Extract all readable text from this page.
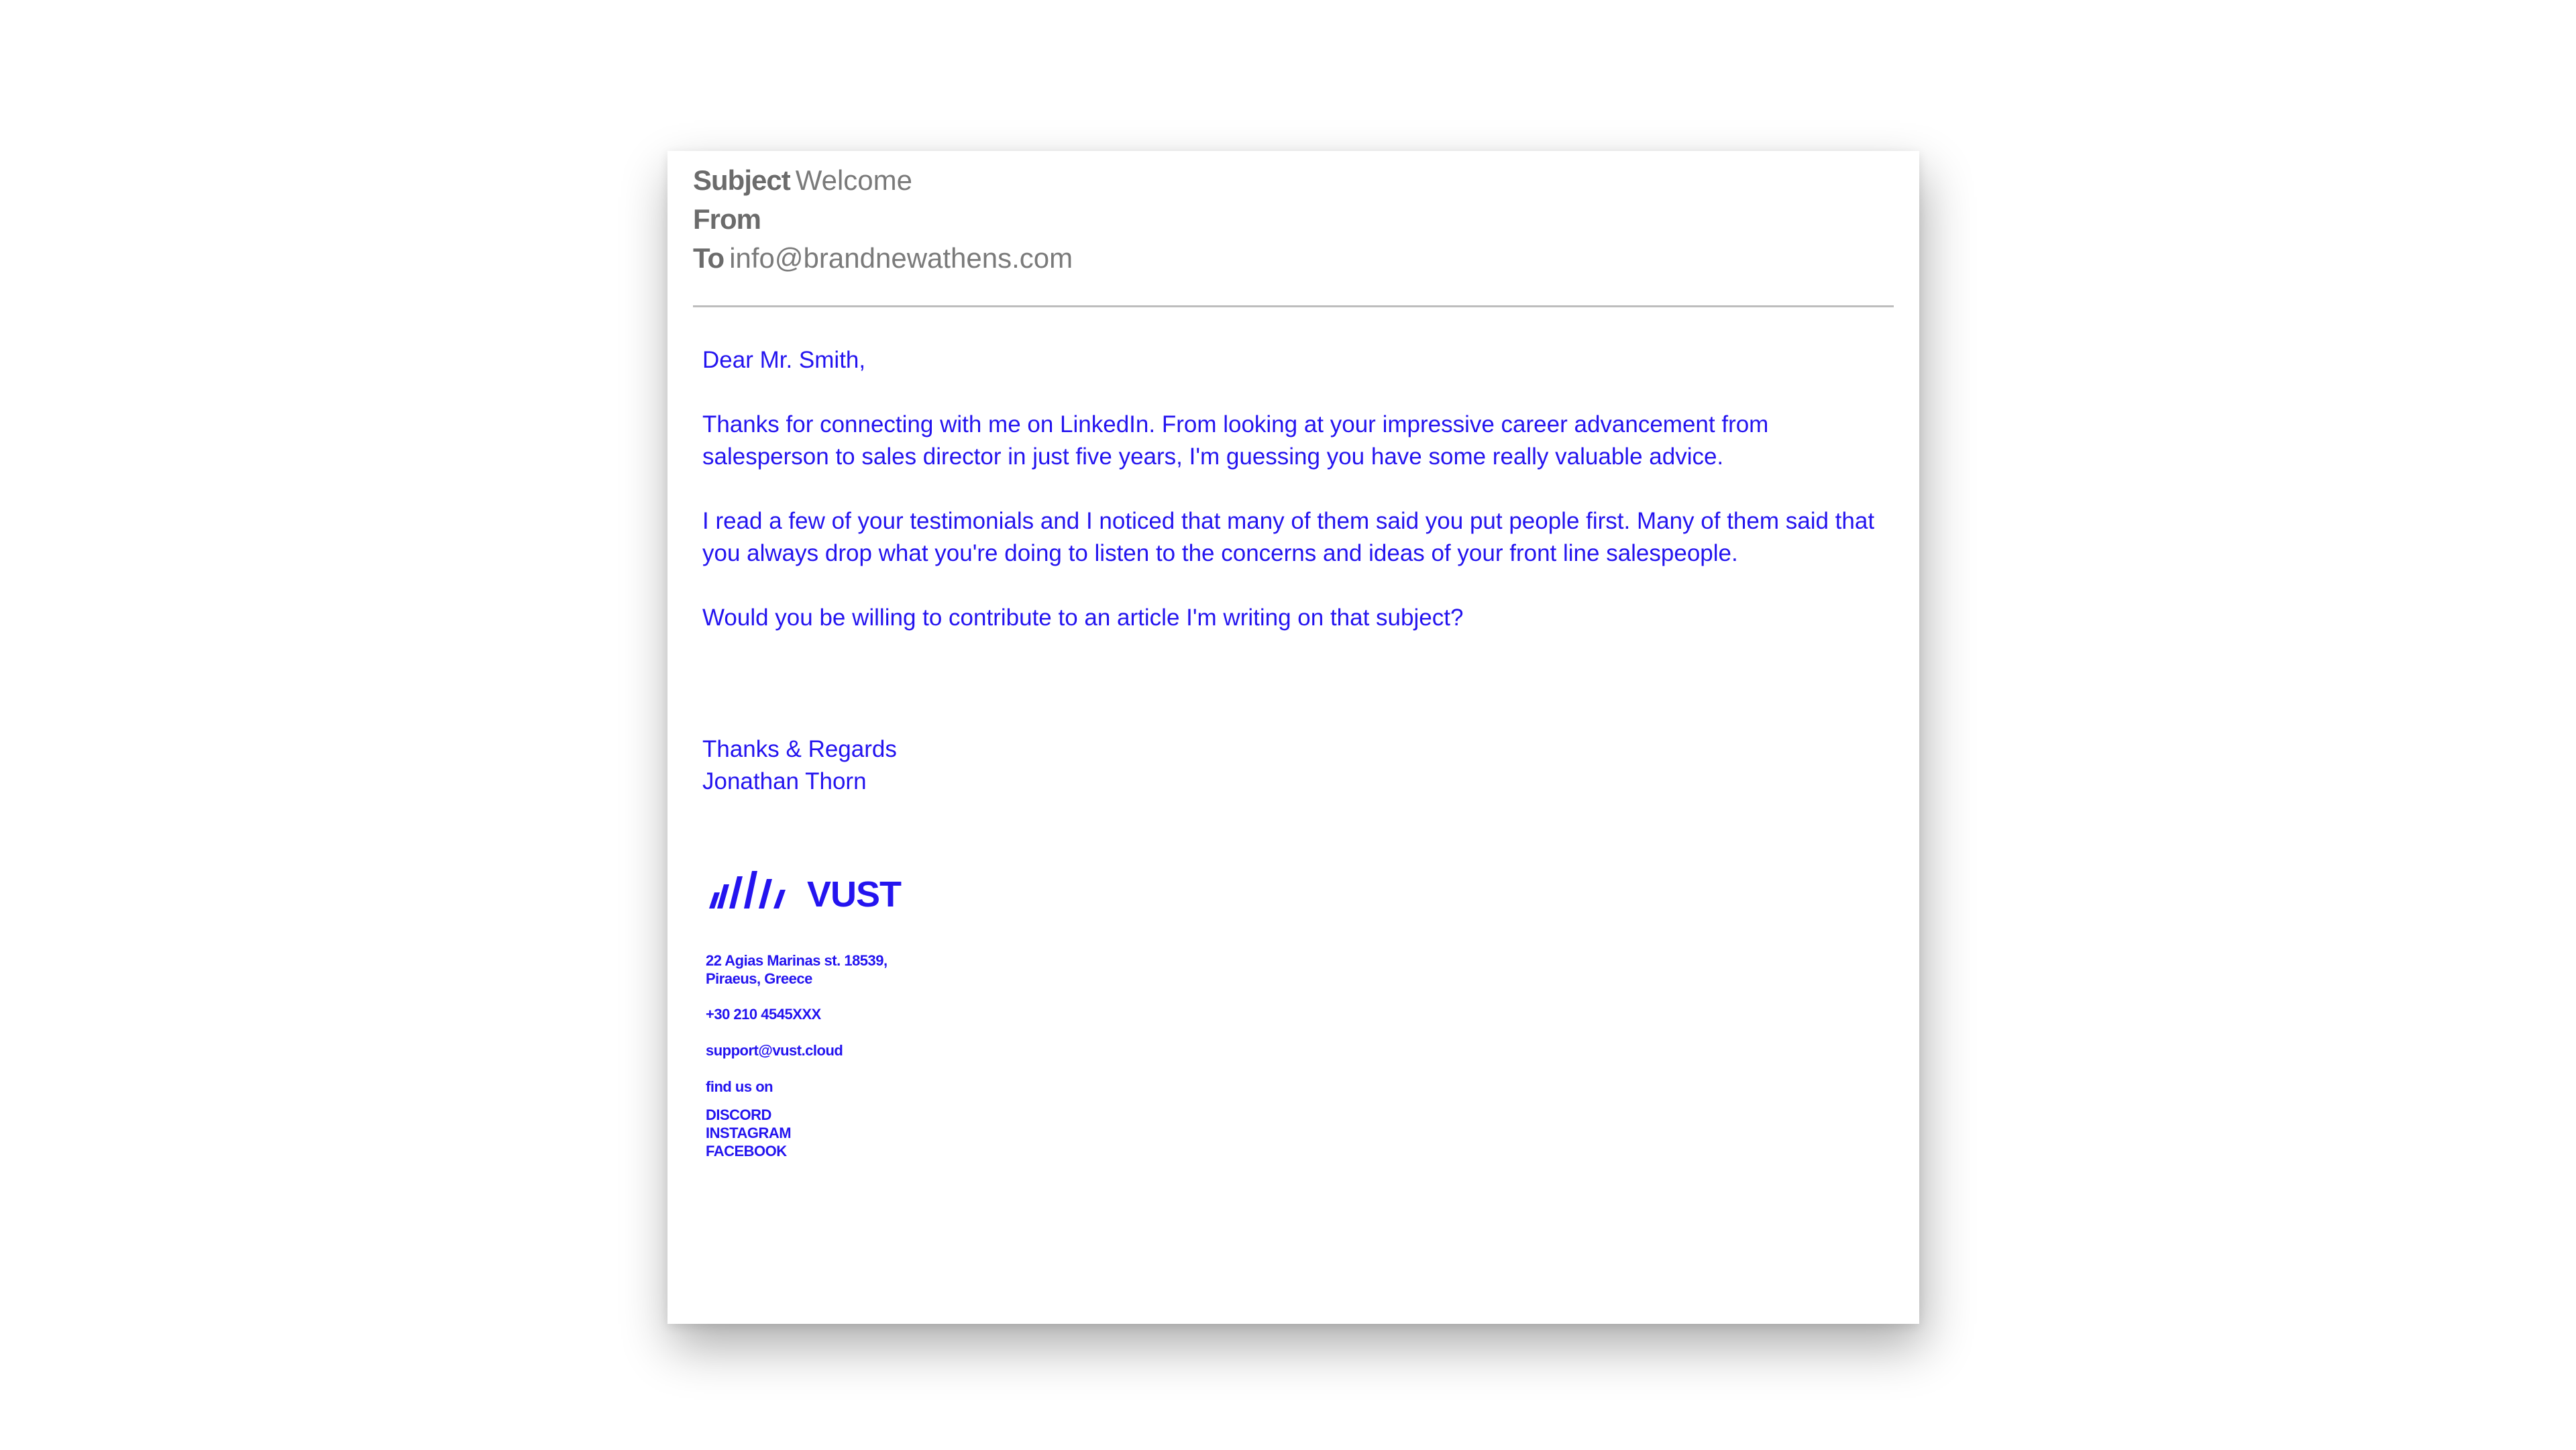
Subject Welcome
From
To info@brandnewathens.com

Dear Mr. Smith,

Thanks for connecting with me on LinkedIn. From looking at your impressive career advancement from salesperson to sales director in just five years, I'm guessing you have some really valuable advice.

I read a few of your testimonials and I noticed that many of them said you put people first. Many of them said that you always drop what you're doing to listen to the concerns and ideas of your front line salespeople.

Would you be willing to contribute to an article I'm writing on that subject?

Thanks & Regards
Jonathan Thorn
VUST
22 Agias Marinas st. 18539,
Piraeus, Greece
+30 210 4545XXX
support@vust.cloud
find us on
DISCORD
INSTAGRAM
FACEBOOK
